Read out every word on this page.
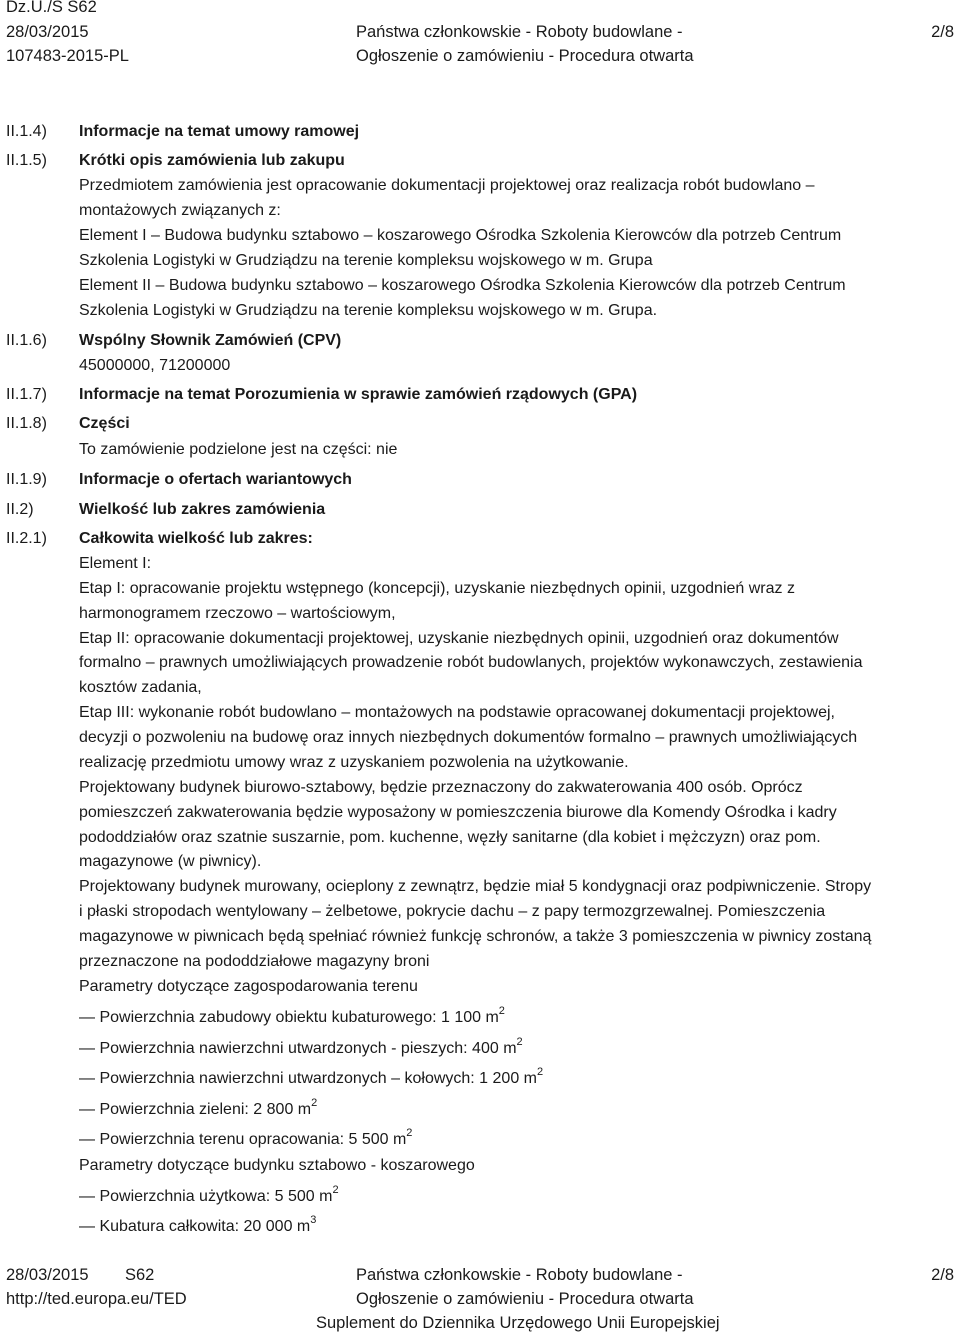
Dz.U./S S62
28/03/2015
107483-2015-PL
Państwa członkowskie - Roboty budowlane -
Ogłoszenie o zamówieniu - Procedura otwarta
2/8
II.1.4)
II.1.5)
II.1.6)
II.1.7)
II.1.8)
II.1.9)
II.2)
II.2.1)
Informacje na temat umowy ramowej
Krótki opis zamówienia lub zakupu
Przedmiotem zamówienia jest opracowanie dokumentacji projektowej oraz realizacja robót budowlano –
montażowych związanych z:
Element I – Budowa budynku sztabowo – koszarowego Ośrodka Szkolenia Kierowców dla potrzeb Centrum
Szkolenia Logistyki w Grudziądzu na terenie kompleksu wojskowego w m. Grupa
Element II – Budowa budynku sztabowo – koszarowego Ośrodka Szkolenia Kierowców dla potrzeb Centrum
Szkolenia Logistyki w Grudziądzu na terenie kompleksu wojskowego w m. Grupa.
Wspólny Słownik Zamówień (CPV)
45000000, 71200000
Informacje na temat Porozumienia w sprawie zamówień rządowych (GPA)
Części
To zamówienie podzielone jest na części: nie
Informacje o ofertach wariantowych
Wielkość lub zakres zamówienia
Całkowita wielkość lub zakres:
Element I:
Etap I: opracowanie projektu wstępnego (koncepcji), uzyskanie niezbędnych opinii, uzgodnień wraz z
harmonogramem rzeczowo – wartościowym,
Etap II: opracowanie dokumentacji projektowej, uzyskanie niezbędnych opinii, uzgodnień oraz dokumentów
formalno – prawnych umożliwiających prowadzenie robót budowlanych, projektów wykonawczych, zestawienia
kosztów zadania,
Etap III: wykonanie robót budowlano – montażowych na podstawie opracowanej dokumentacji projektowej,
decyzji o pozwoleniu na budowę oraz innych niezbędnych dokumentów formalno – prawnych umożliwiających
realizację przedmiotu umowy wraz z uzyskaniem pozwolenia na użytkowanie.
Projektowany budynek biurowo-sztabowy, będzie przeznaczony do zakwaterowania 400 osób. Oprócz
pomieszczeń zakwaterowania będzie wyposażony w pomieszczenia biurowe dla Komendy Ośrodka i kadry
pododdziałów oraz szatnie suszarnie, pom. kuchenne, węzły sanitarne (dla kobiet i mężczyzn) oraz pom.
magazynowe (w piwnicy).
Projektowany budynek murowany, ocieplony z zewnątrz, będzie miał 5 kondygnacji oraz podpiwniczenie. Stropy
i płaski stropodach wentylowany – żelbetowe, pokrycie dachu – z papy termozgrzewalnej. Pomieszczenia
magazynowe w piwnicach będą spełniać również funkcję schronów, a także 3 pomieszczenia w piwnicy zostaną
przeznaczone na pododdziałowe magazyny broni
Parametry dotyczące zagospodarowania terenu
— Powierzchnia zabudowy obiektu kubaturowego: 1 100 $m^2$
— Powierzchnia nawierzchni utwardzonych - pieszych: 400 $m^2$
— Powierzchnia nawierzchni utwardzonych – kołowych: 1 200 $m^2$
— Powierzchnia zieleni: 2 800 $m^2$
— Powierzchnia terenu opracowania: 5 500 $m^2$
Parametry dotyczące budynku sztabowo - koszarowego
— Powierzchnia użytkowa: 5 500 $m^2$
— Kubatura całkowita: 20 000 $m^3$
28/03/2015 S62
http://ted.europa.eu/TED
Państwa członkowskie - Roboty budowlane -
Ogłoszenie o zamówieniu - Procedura otwarta
Suplement do Dziennika Urzędowego Unii Europejskiej
2/8
